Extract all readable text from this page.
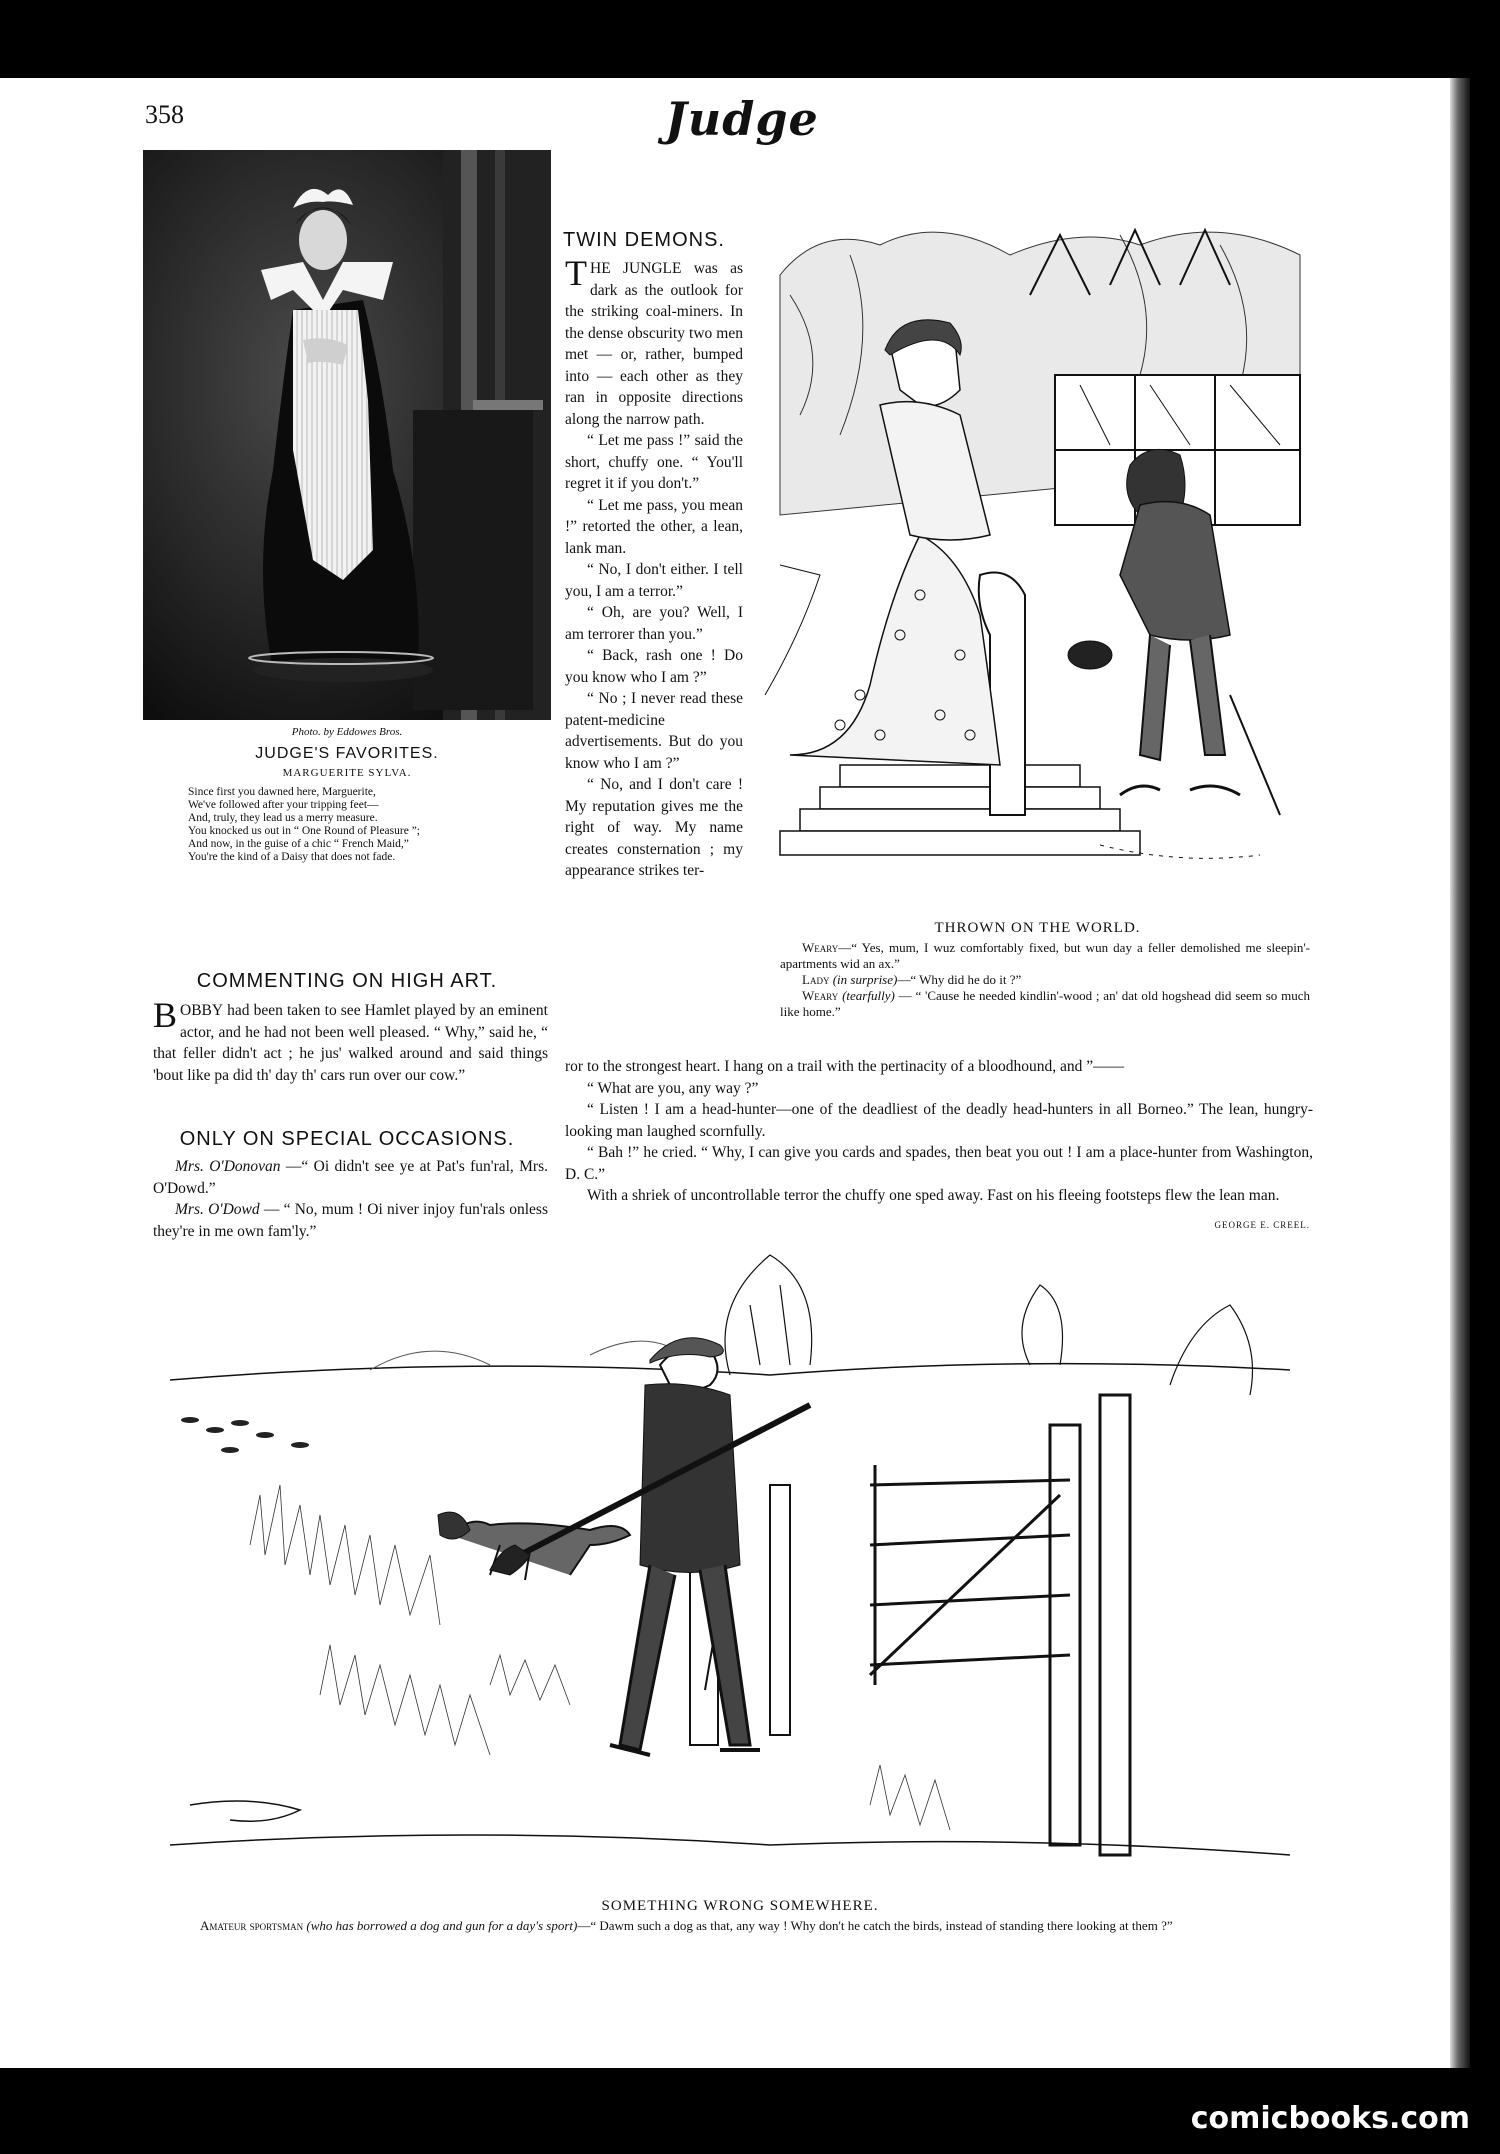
358	Judge
Photo. by Eddowes Bros.
JUDGE'S FAVORITES.
MARGUERITE SYLVA.
Since first you dawned here, Marguerite,
We've followed after your tripping feet—
And, truly, they lead us a merry measure.
You knocked us out in “ One Round of Pleasure ”;
And now, in the guise of a chic “ French Maid,”
You're the kind of a Daisy that does not fade.
COMMENTING ON HIGH ART.
BOBBY had been taken to see Hamlet played by an eminent actor, and he had not been well pleased. “ Why,” said he, “ that feller didn't act ; he jus' walked around and said things 'bout like pa did th' day th' cars run over our cow.”
ONLY ON SPECIAL OCCASIONS.

Mrs. O'Donovan —“ Oi didn't see ye at Pat's fun'ral, Mrs. O'Dowd.”

Mrs. O'Dowd — “ No, mum ! Oi niver injoy fun'rals onless they're in me own fam'ly.”

TWIN DEMONS.

THE JUNGLE was as dark as the outlook for the striking coal-miners. In the dense obscurity two men met — or, rather, bumped into — each other as they ran in opposite directions along the narrow path.

“ Let me pass !” said the short, chuffy one. “ You'll regret it if you don't.”

“ Let me pass, you mean !” retorted the other, a lean, lank man.

“ No, I don't either. I tell you, I am a terror.”

“ Oh, are you? Well, I am terrorer than you.”

“ Back, rash one ! Do you know who I am ?”

“ No ; I never read these patent-medicine advertisements. But do you know who I am ?”

“ No, and I don't care ! My reputation gives me the right of way. My name creates consternation ; my appearance strikes ter-

THROWN ON THE WORLD.

Weary—“ Yes, mum, I wuz comfortably fixed, but wun day a feller demolished me sleepin'-apartments wid an ax.”

Lady (in surprise)—“ Why did he do it ?”

Weary (tearfully) — “ 'Cause he needed kindlin'-wood ; an' dat old hogshead did seem so much like home.”

ror to the strongest heart. I hang on a trail with the pertinacity of a bloodhound, and ”——

“ What are you, any way ?”

“ Listen ! I am a head-hunter—one of the deadliest of the deadly head-hunters in all Borneo.” The lean, hungry-looking man laughed scornfully.

“ Bah !” he cried. “ Why, I can give you cards and spades, then beat you out ! I am a place-hunter from Washington, D. C.”

With a shriek of uncontrollable terror the chuffy one sped away. Fast on his fleeing footsteps flew the lean man.

GEORGE E. CREEL.
SOMETHING WRONG SOMEWHERE.
Amateur sportsman (who has borrowed a dog and gun for a day's sport)—“ Dawm such a dog as that, any way ! Why don't he catch the birds, instead of standing there looking at them ?”
comicbooks.com
